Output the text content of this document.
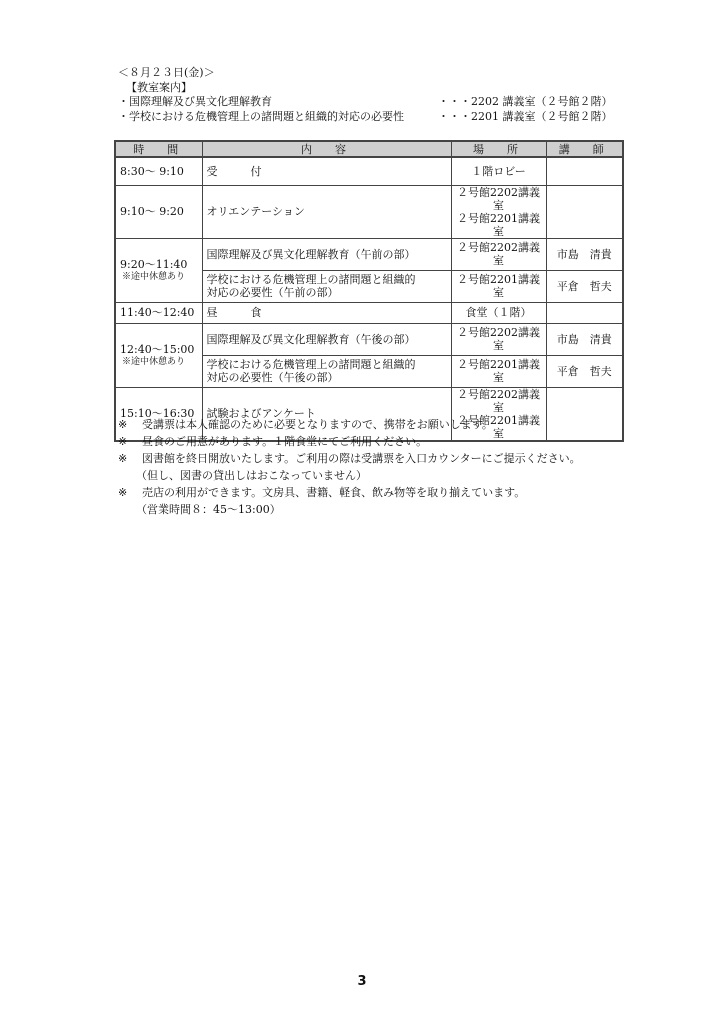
＜８月２３日(金)＞
【教室案内】
・国際理解及び異文化理解教育	・・・2202 講義室（２号館２階）
・学校における危機管理上の諸問題と組織的対応の必要性	・・・2201 講義室（２号館２階）
時　間	内　容	場　所	講　師
8:30～ 9:10	受　　　付	１階ロビー	
9:10～ 9:20	オリエンテーション	２号館2202講義室
２号館2201講義室	

9:20～11:40
※途中休憩あり	国際理解及び異文化理解教育（午前の部）	２号館2202講義室	市島　清貴

	学校における危機管理上の諸問題と組織的
対応の必要性（午前の部）	２号館2201講義室	平倉　哲夫
11:40～12:40	昼　　　食	食堂（１階）	

12:40～15:00
※途中休憩あり	国際理解及び異文化理解教育（午後の部）	２号館2202講義室	市島　清貴

	学校における危機管理上の諸問題と組織的
対応の必要性（午後の部）	２号館2201講義室	平倉　哲夫
15:10～16:30	試験およびアンケート	２号館2202講義室
２号館2201講義室	

※	受講票は本人確認のために必要となりますので、携帯をお願いします。
※	昼食のご用意があります。１階食堂にてご利用ください。
※	図書館を終日開放いたします。ご利用の際は受講票を入口カウンターにご提示ください。
（但し、図書の貸出しはおこなっていません）
※	売店の利用ができます。文房具、書籍、軽食、飲み物等を取り揃えています。
（営業時間８：45～13:00）
3
